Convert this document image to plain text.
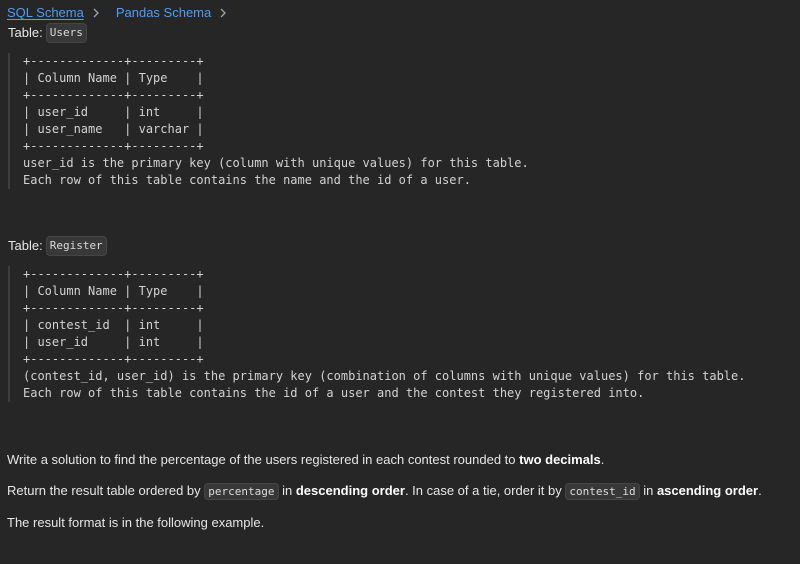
SQL Schema Pandas Schema
Table: Users
+-------------+---------+
| Column Name | Type    |
+-------------+---------+
| user_id     | int     |
| user_name   | varchar |
+-------------+---------+
user_id is the primary key (column with unique values) for this table.
Each row of this table contains the name and the id of a user.
Table: Register
+-------------+---------+
| Column Name | Type    |
+-------------+---------+
| contest_id  | int     |
| user_id     | int     |
+-------------+---------+
(contest_id, user_id) is the primary key (combination of columns with unique values) for this table.
Each row of this table contains the id of a user and the contest they registered into.

Write a solution to find the percentage of the users registered in each contest rounded to two decimals.

Return the result table ordered by percentage in descending order. In case of a tie, order it by contest_id in ascending order.

The result format is in the following example.
